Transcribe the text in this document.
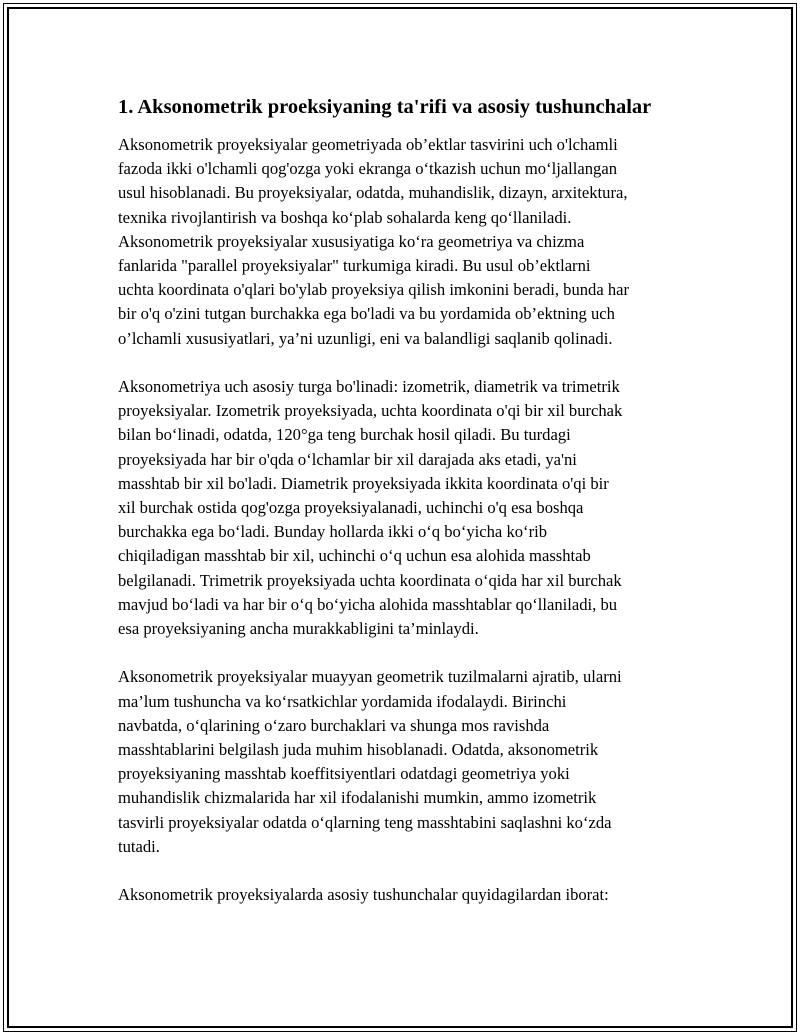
1. Aksonometrik proeksiyaning ta'rifi va asosiy tushunchalar
Aksonometrik proyeksiyalar geometriyada ob’ektlar tasvirini uch o'lchamli
fazoda ikki o'lchamli qog'ozga yoki ekranga o‘tkazish uchun mo‘ljallangan
usul hisoblanadi. Bu proyeksiyalar, odatda, muhandislik, dizayn, arxitektura,
texnika rivojlantirish va boshqa ko‘plab sohalarda keng qo‘llaniladi.
Aksonometrik proyeksiyalar xususiyatiga ko‘ra geometriya va chizma
fanlarida "parallel proyeksiyalar" turkumiga kiradi. Bu usul ob’ektlarni
uchta koordinata o'qlari bo'ylab proyeksiya qilish imkonini beradi, bunda har
bir o'q o'zini tutgan burchakka ega bo'ladi va bu yordamida ob’ektning uch
o’lchamli xususiyatlari, ya’ni uzunligi, eni va balandligi saqlanib qolinadi.
Aksonometriya uch asosiy turga bo'linadi: izometrik, diametrik va trimetrik
proyeksiyalar. Izometrik proyeksiyada, uchta koordinata o'qi bir xil burchak
bilan bo‘linadi, odatda, 120°ga teng burchak hosil qiladi. Bu turdagi
proyeksiyada har bir o'qda o‘lchamlar bir xil darajada aks etadi, ya'ni
masshtab bir xil bo'ladi. Diametrik proyeksiyada ikkita koordinata o'qi bir
xil burchak ostida qog'ozga proyeksiyalanadi, uchinchi o'q esa boshqa
burchakka ega bo‘ladi. Bunday hollarda ikki o‘q bo‘yicha ko‘rib
chiqiladigan masshtab bir xil, uchinchi o‘q uchun esa alohida masshtab
belgilanadi. Trimetrik proyeksiyada uchta koordinata o‘qida har xil burchak
mavjud bo‘ladi va har bir o‘q bo‘yicha alohida masshtablar qo‘llaniladi, bu
esa proyeksiyaning ancha murakkabligini ta’minlaydi.
Aksonometrik proyeksiyalar muayyan geometrik tuzilmalarni ajratib, ularni
ma’lum tushuncha va ko‘rsatkichlar yordamida ifodalaydi. Birinchi
navbatda, o‘qlarining o‘zaro burchaklari va shunga mos ravishda
masshtablarini belgilash juda muhim hisoblanadi. Odatda, aksonometrik
proyeksiyaning masshtab koeffitsiyentlari odatdagi geometriya yoki
muhandislik chizmalarida har xil ifodalanishi mumkin, ammo izometrik
tasvirli proyeksiyalar odatda o‘qlarning teng masshtabini saqlashni ko‘zda
tutadi.
Aksonometrik proyeksiyalarda asosiy tushunchalar quyidagilardan iborat:
